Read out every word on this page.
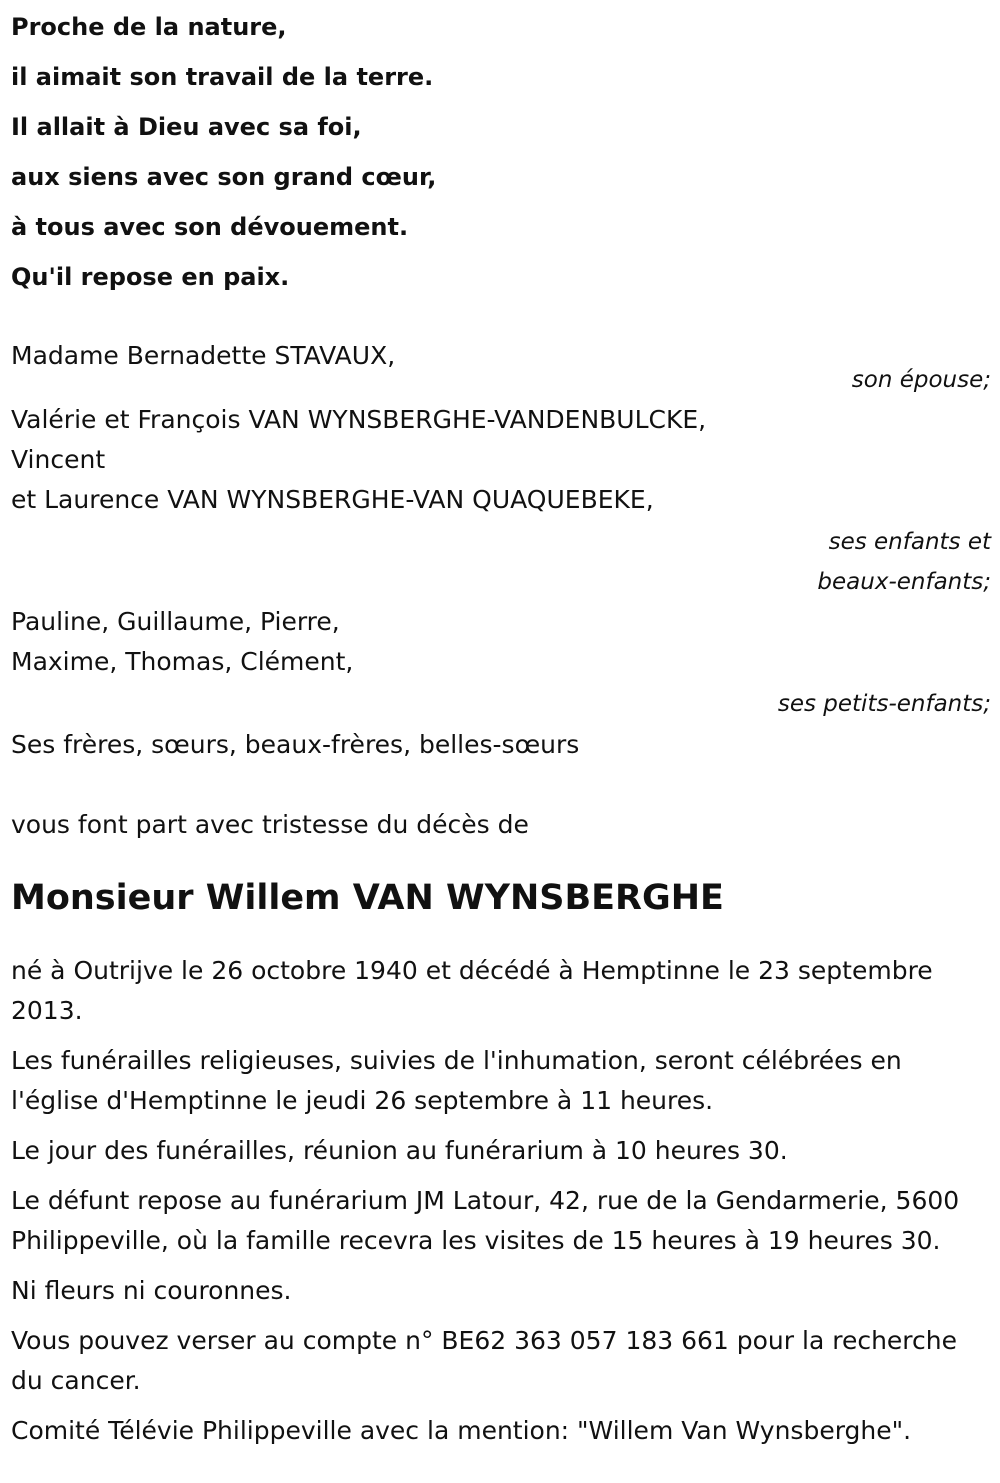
Proche de la nature,
il aimait son travail de la terre.
Il allait à Dieu avec sa foi,
aux siens avec son grand cœur,
à tous avec son dévouement.
Qu'il repose en paix.
Madame Bernadette STAVAUX,
son épouse;
Valérie et François VAN WYNSBERGHE-VANDENBULCKE,
Vincent
et Laurence VAN WYNSBERGHE-VAN QUAQUEBEKE,
ses enfants et
beaux-enfants;
Pauline, Guillaume, Pierre,
Maxime, Thomas, Clément,
ses petits-enfants;
Ses frères, sœurs, beaux-frères, belles-sœurs
vous font part avec tristesse du décès de
Monsieur Willem VAN WYNSBERGHE
né à Outrijve le 26 octobre 1940 et décédé à Hemptinne le 23 septembre 2013.
Les funérailles religieuses, suivies de l'inhumation, seront célébrées en l'église d'Hemptinne le jeudi 26 septembre à 11 heures.
Le jour des funérailles, réunion au funérarium à 10 heures 30.
Le défunt repose au funérarium JM Latour, 42, rue de la Gendarmerie, 5600 Philippeville, où la famille recevra les visites de 15 heures à 19 heures 30.
Ni fleurs ni couronnes.
Vous pouvez verser au compte n° BE62 363 057 183 661 pour la recherche du cancer.
Comité Télévie Philippeville avec la mention: "Willem Van Wynsberghe".
